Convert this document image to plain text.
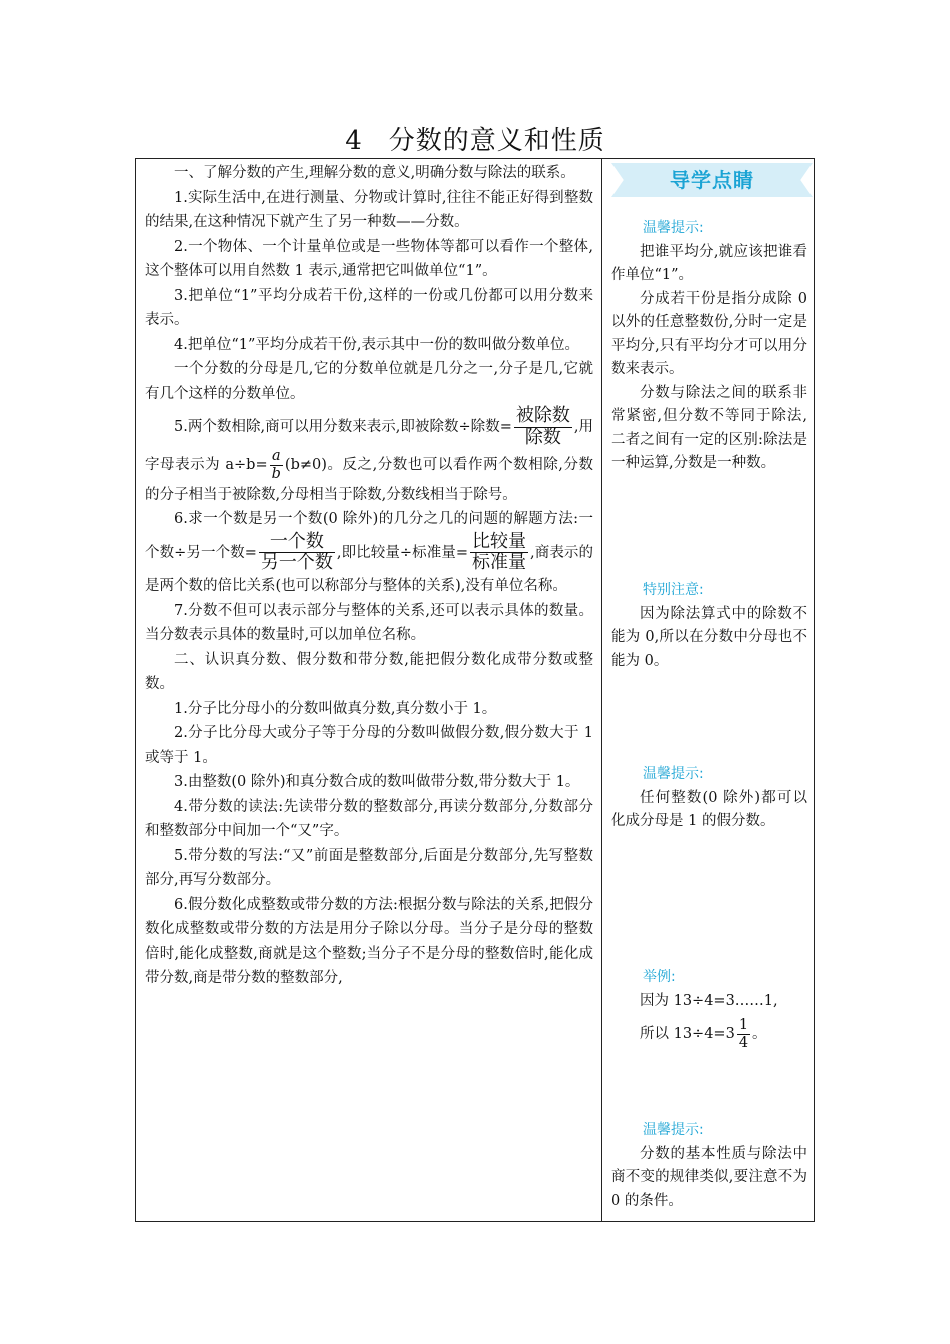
4 分数的意义和性质

一、了解分数的产生,理解分数的意义,明确分数与除法的联系。

1.实际生活中,在进行测量、分物或计算时,往往不能正好得到整数的结果,在这种情况下就产生了另一种数——分数。

2.一个物体、一个计量单位或是一些物体等都可以看作一个整体,这个整体可以用自然数 1 表示,通常把它叫做单位“1”。

3.把单位“1”平均分成若干份,这样的一份或几份都可以用分数来表示。

4.把单位“1”平均分成若干份,表示其中一份的数叫做分数单位。

一个分数的分母是几,它的分数单位就是几分之一,分子是几,它就有几个这样的分数单位。

5.两个数相除,商可以用分数来表示,即被除数÷除数= $\frac{\text{被除数}}{\text{除数}}$ ,用字母表示为 $a\div b= \frac{a}{b} (b\ne 0)$。反之,分数也可以看作两个数相除,分数的分子相当于被除数,分母相当于除数,分数线相当于除号。

6.求一个数是另一个数(0 除外)的几分之几的问题的解题方法:一个数÷另一个数= $\frac{\text{一个数}}{\text{另一个数}}$ ,即比较量÷标准量= $\frac{\text{比较量}}{\text{标准量}}$ ,商表示的是两个数的倍比关系(也可以称部分与整体的关系),没有单位名称。

7.分数不但可以表示部分与整体的关系,还可以表示具体的数量。当分数表示具体的数量时,可以加单位名称。

二、认识真分数、假分数和带分数,能把假分数化成带分数或整数。

1.分子比分母小的分数叫做真分数,真分数小于 1。

2.分子比分母大或分子等于分母的分数叫做假分数,假分数大于 1 或等于 1。

3.由整数(0 除外)和真分数合成的数叫做带分数,带分数大于 1。

4.带分数的读法:先读带分数的整数部分,再读分数部分,分数部分和整数部分中间加一个“又”字。

5.带分数的写法:“又”前面是整数部分,后面是分数部分,先写整数部分,再写分数部分。

6.假分数化成整数或带分数的方法:根据分数与除法的关系,把假分数化成整数或带分数的方法是用分子除以分母。当分子是分母的整数倍时,能化成整数,商就是这个整数;当分子不是分母的整数倍时,能化成带分数,商是带分数的整数部分,

导学点睛
温馨提示:

把谁平均分,就应该把谁看作单位“1”。

分成若干份是指分成除 0 以外的任意整数份,分时一定是平均分,只有平均分才可以用分数来表示。

分数与除法之间的联系非常紧密,但分数不等同于除法,二者之间有一定的区别:除法是一种运算,分数是一种数。

特别注意:

因为除法算式中的除数不能为 0,所以在分数中分母也不能为 0。

温馨提示:

任何整数(0 除外)都可以化成分母是 1 的假分数。

举例:

因为 13÷4=3……1,

所以 $13\div 4=3 \frac{1}{4}$ 。

温馨提示:

分数的基本性质与除法中商不变的规律类似,要注意不为 0 的条件。
